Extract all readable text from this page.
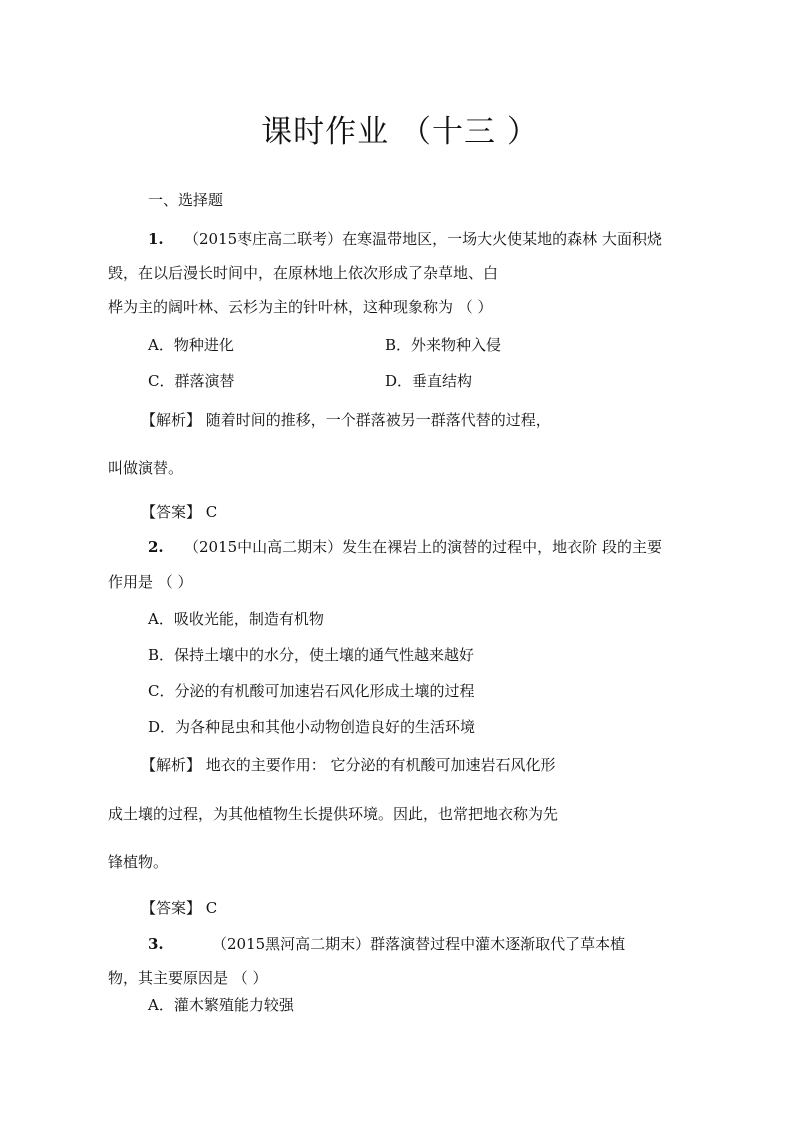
课时作业 （十三 ）
一、选择题
1. （2015枣庄高二联考）在寒温带地区，一场大火使某地的森林 大面积烧
毁，在以后漫长时间中，在原林地上依次形成了杂草地、白
桦为主的阔叶林、云杉为主的针叶林，这种现象称为 （ ）
A．物种进化	B．外来物种入侵
C．群落演替	D．垂直结构
【解析】 随着时间的推移，一个群落被另一群落代替的过程，
叫做演替。
【答案】 C
2. （2015中山高二期末）发生在裸岩上的演替的过程中，地衣阶 段的主要
作用是 （ ）
A．吸收光能，制造有机物
B．保持土壤中的水分，使土壤的通气性越来越好
C．分泌的有机酸可加速岩石风化形成土壤的过程
D．为各种昆虫和其他小动物创造良好的生活环境
【解析】 地衣的主要作用： 它分泌的有机酸可加速岩石风化形
成土壤的过程，为其他植物生长提供环境。因此，也常把地衣称为先
锋植物。
【答案】 C
3.	（2015黑河高二期末）群落演替过程中灌木逐渐取代了草本植
物，其主要原因是 （ ）
A．灌木繁殖能力较强
